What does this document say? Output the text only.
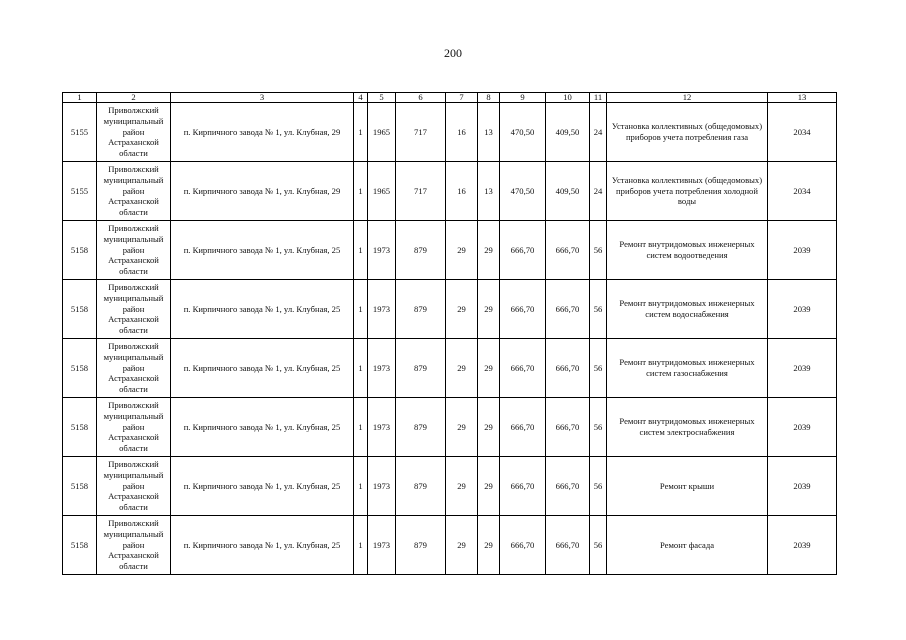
200
1	2	3	4	5	6	7	8	9	10	11	12	13
5155	Приволжский
муниципальный
район
Астраханской
области	п. Кирпичного завода № 1, ул. Клубная, 29	1	1965	717	16	13	470,50	409,50	24	Установка коллективных (общедомовых) приборов учета потребления газа	2034
5155	Приволжский
муниципальный
район
Астраханской
области	п. Кирпичного завода № 1, ул. Клубная, 29	1	1965	717	16	13	470,50	409,50	24	Установка коллективных (общедомовых) приборов учета потребления холодной воды	2034
5158	Приволжский
муниципальный
район
Астраханской
области	п. Кирпичного завода № 1, ул. Клубная, 25	1	1973	879	29	29	666,70	666,70	56	Ремонт внутридомовых инженерных систем водоотведения	2039
5158	Приволжский
муниципальный
район
Астраханской
области	п. Кирпичного завода № 1, ул. Клубная, 25	1	1973	879	29	29	666,70	666,70	56	Ремонт внутридомовых инженерных систем водоснабжения	2039
5158	Приволжский
муниципальный
район
Астраханской
области	п. Кирпичного завода № 1, ул. Клубная, 25	1	1973	879	29	29	666,70	666,70	56	Ремонт внутридомовых инженерных систем газоснабжения	2039
5158	Приволжский
муниципальный
район
Астраханской
области	п. Кирпичного завода № 1, ул. Клубная, 25	1	1973	879	29	29	666,70	666,70	56	Ремонт внутридомовых инженерных систем электроснабжения	2039
5158	Приволжский
муниципальный
район
Астраханской
области	п. Кирпичного завода № 1, ул. Клубная, 25	1	1973	879	29	29	666,70	666,70	56	Ремонт крыши	2039
5158	Приволжский
муниципальный
район
Астраханской
области	п. Кирпичного завода № 1, ул. Клубная, 25	1	1973	879	29	29	666,70	666,70	56	Ремонт фасада	2039
